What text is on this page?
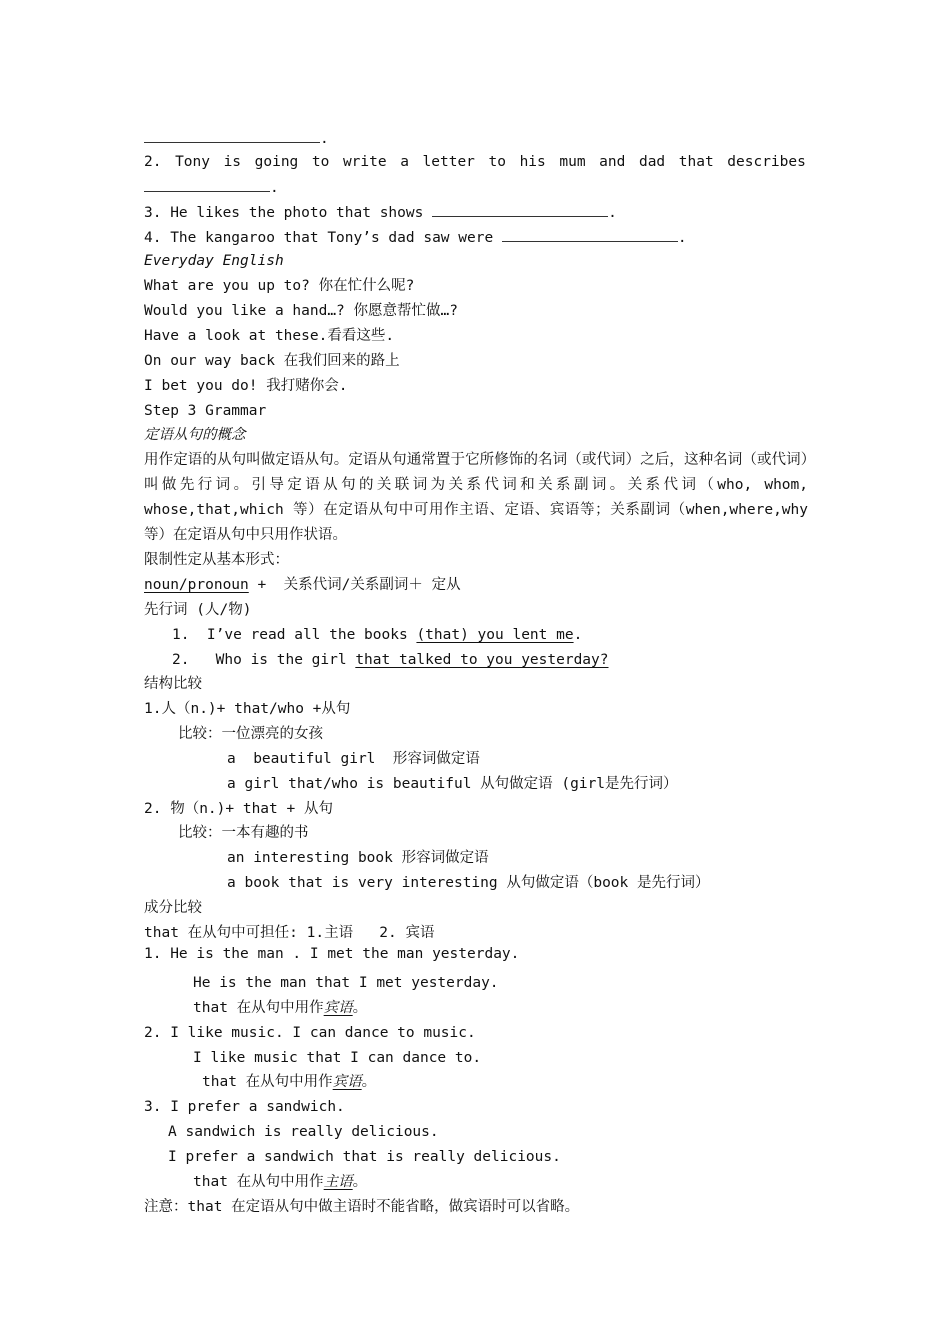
.
2. Tony is going to write a letter to his mum and dad that describes
.
3. He likes the photo that shows	.
4. The kangaroo that Tony’s dad saw were	.
Everyday English
What are you up to? 你在忙什么呢?
Would you like a hand…? 你愿意帮忙做…?
Have a look at these.看看这些.
On our way back 在我们回来的路上
I bet you do! 我打赌你会.
Step 3 Grammar
定语从句的概念
用作定语的从句叫做定语从句。定语从句通常置于它所修饰的名词（或代词）之后，这种名词（或代词）叫做先行词。引导定语从句的关联词为关系代词和关系副词。关系代词（who, whom, whose,that,which 等）在定语从句中可用作主语、定语、宾语等；关系副词（when,where,why 等）在定语从句中只用作状语。
限制性定从基本形式：
noun/pronoun +  关系代词/关系副词＋ 定从
先行词 (人/物)
1.  I’ve read all the books (that) you lent me.
2.   Who is the girl that talked to you yesterday?
结构比较
1.人（n.)+ that/who +从句
比较：一位漂亮的女孩
a  beautiful girl  形容词做定语
a girl that/who is beautiful 从句做定语 (girl是先行词）
2. 物（n.)+ that + 从句
比较：一本有趣的书
an interesting book 形容词做定语
a book that is very interesting 从句做定语（book 是先行词）
成分比较
that 在从句中可担任: 1.主语   2. 宾语
1. He is the man . I met the man yesterday.
He is the man that I met yesterday.
that 在从句中用作宾语。
2. I like music. I can dance to music.
I like music that I can dance to.
that 在从句中用作宾语。
3. I prefer a sandwich.
A sandwich is really delicious.
I prefer a sandwich that is really delicious.
that 在从句中用作主语。
注意：that 在定语从句中做主语时不能省略，做宾语时可以省略。
